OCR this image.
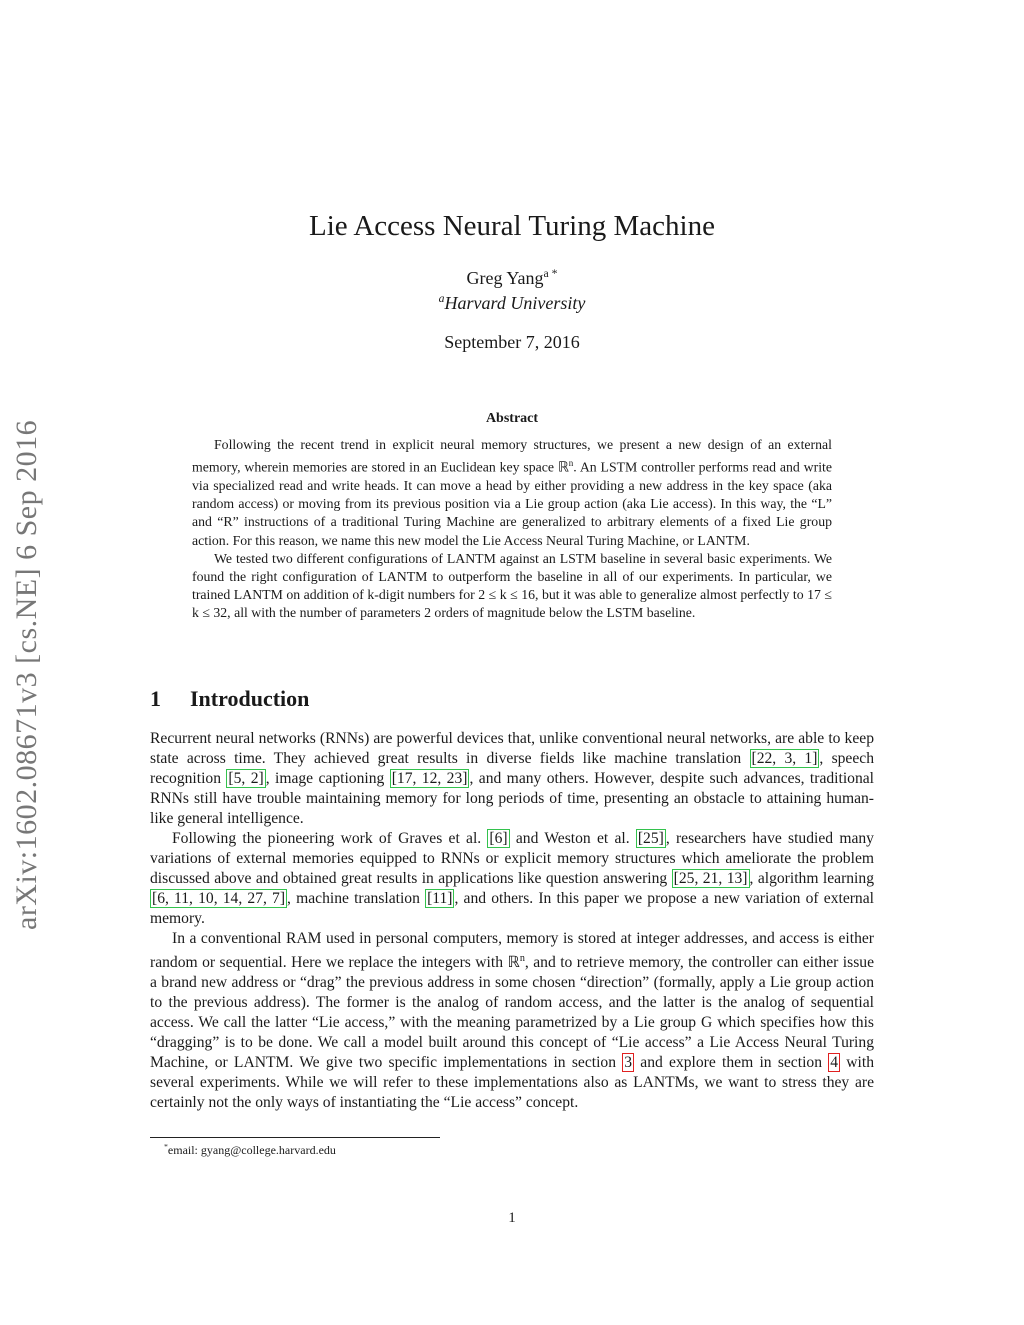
arXiv:1602.08671v3 [cs.NE] 6 Sep 2016
Lie Access Neural Turing Machine
Greg Yang$^{a *}$
$^a$Harvard University
September 7, 2016
Abstract

Following the recent trend in explicit neural memory structures, we present a new design of an external memory, wherein memories are stored in an Euclidean key space ℝ$^n$. An LSTM controller performs read and write via specialized read and write heads. It can move a head by either providing a new address in the key space (aka random access) or moving from its previous position via a Lie group action (aka Lie access). In this way, the “L” and “R” instructions of a traditional Turing Machine are generalized to arbitrary elements of a fixed Lie group action. For this reason, we name this new model the Lie Access Neural Turing Machine, or LANTM.

We tested two different configurations of LANTM against an LSTM baseline in several basic experiments. We found the right configuration of LANTM to outperform the baseline in all of our experiments. In particular, we trained LANTM on addition of k-digit numbers for 2 ≤ k ≤ 16, but it was able to generalize almost perfectly to 17 ≤ k ≤ 32, all with the number of parameters 2 orders of magnitude below the LSTM baseline.

1 Introduction

Recurrent neural networks (RNNs) are powerful devices that, unlike conventional neural networks, are able to keep state across time. They achieved great results in diverse fields like machine translation [22, 3, 1] , speech recognition [5, 2] , image captioning [17, 12, 23] , and many others. However, despite such advances, traditional RNNs still have trouble maintaining memory for long periods of time, presenting an obstacle to attaining human-like general intelligence.

Following the pioneering work of Graves et al. [6] and Weston et al. [25] , researchers have studied many variations of external memories equipped to RNNs or explicit memory structures which ameliorate the problem discussed above and obtained great results in applications like question answering [25, 21, 13] , algorithm learning [6, 11, 10, 14, 27, 7] , machine translation [11] , and others. In this paper we propose a new variation of external memory.

In a conventional RAM used in personal computers, memory is stored at integer addresses, and access is either random or sequential. Here we replace the integers with ℝ$^n$, and to retrieve memory, the controller can either issue a brand new address or “drag” the previous address in some chosen “direction” (formally, apply a Lie group action to the previous address). The former is the analog of random access, and the latter is the analog of sequential access. We call the latter “Lie access,” with the meaning parametrized by a Lie group G which specifies how this “dragging” is to be done. We call a model built around this concept of “Lie access” a Lie Access Neural Turing Machine, or LANTM. We give two specific implementations in section 3 and explore them in section 4 with several experiments. While we will refer to these implementations also as LANTMs, we want to stress they are certainly not the only ways of instantiating the “Lie access” concept.

*email: gyang@college.harvard.edu
1
